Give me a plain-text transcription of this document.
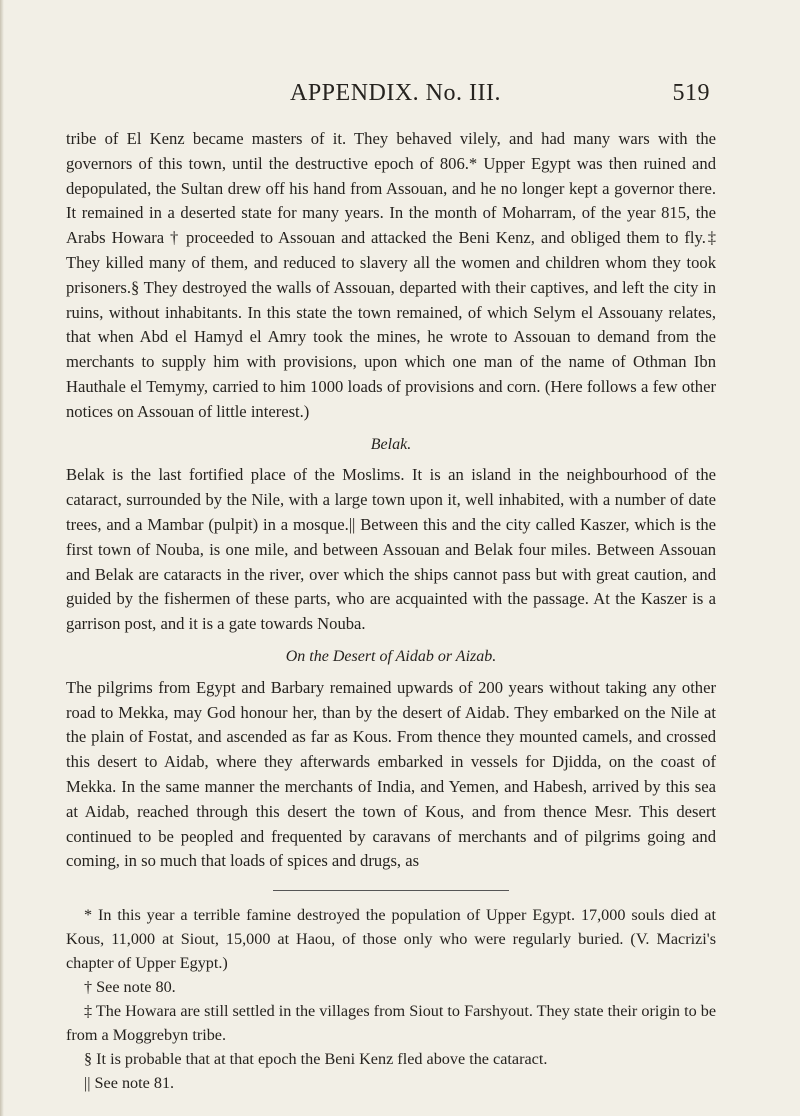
APPENDIX. No. III.	519

tribe of El Kenz became masters of it. They behaved vilely, and had many wars with the governors of this town, until the destructive epoch of 806.* Upper Egypt was then ruined and depopulated, the Sultan drew off his hand from Assouan, and he no longer kept a governor there. It remained in a deserted state for many years. In the month of Moharram, of the year 815, the Arabs Howara † proceeded to Assouan and attacked the Beni Kenz, and obliged them to fly.‡ They killed many of them, and reduced to slavery all the women and children whom they took prisoners.§ They destroyed the walls of Assouan, departed with their captives, and left the city in ruins, without inhabitants. In this state the town remained, of which Selym el Assouany relates, that when Abd el Hamyd el Amry took the mines, he wrote to Assouan to demand from the merchants to supply him with provisions, upon which one man of the name of Othman Ibn Hauthale el Temymy, carried to him 1000 loads of provisions and corn. (Here follows a few other notices on Assouan of little interest.)

Belak.

Belak is the last fortified place of the Moslims. It is an island in the neighbourhood of the cataract, surrounded by the Nile, with a large town upon it, well inhabited, with a number of date trees, and a Mambar (pulpit) in a mosque.|| Between this and the city called Kaszer, which is the first town of Nouba, is one mile, and between Assouan and Belak four miles. Between Assouan and Belak are cataracts in the river, over which the ships cannot pass but with great caution, and guided by the fishermen of these parts, who are acquainted with the passage. At the Kaszer is a garrison post, and it is a gate towards Nouba.

On the Desert of Aidab or Aizab.

The pilgrims from Egypt and Barbary remained upwards of 200 years without taking any other road to Mekka, may God honour her, than by the desert of Aidab. They embarked on the Nile at the plain of Fostat, and ascended as far as Kous. From thence they mounted camels, and crossed this desert to Aidab, where they afterwards embarked in vessels for Djidda, on the coast of Mekka. In the same manner the merchants of India, and Yemen, and Habesh, arrived by this sea at Aidab, reached through this desert the town of Kous, and from thence Mesr. This desert continued to be peopled and frequented by caravans of merchants and of pilgrims going and coming, in so much that loads of spices and drugs, as

* In this year a terrible famine destroyed the population of Upper Egypt. 17,000 souls died at Kous, 11,000 at Siout, 15,000 at Haou, of those only who were regularly buried. (V. Macrizi's chapter of Upper Egypt.)

† See note 80.

‡ The Howara are still settled in the villages from Siout to Farshyout. They state their origin to be from a Moggrebyn tribe.

§ It is probable that at that epoch the Beni Kenz fled above the cataract.

|| See note 81.
